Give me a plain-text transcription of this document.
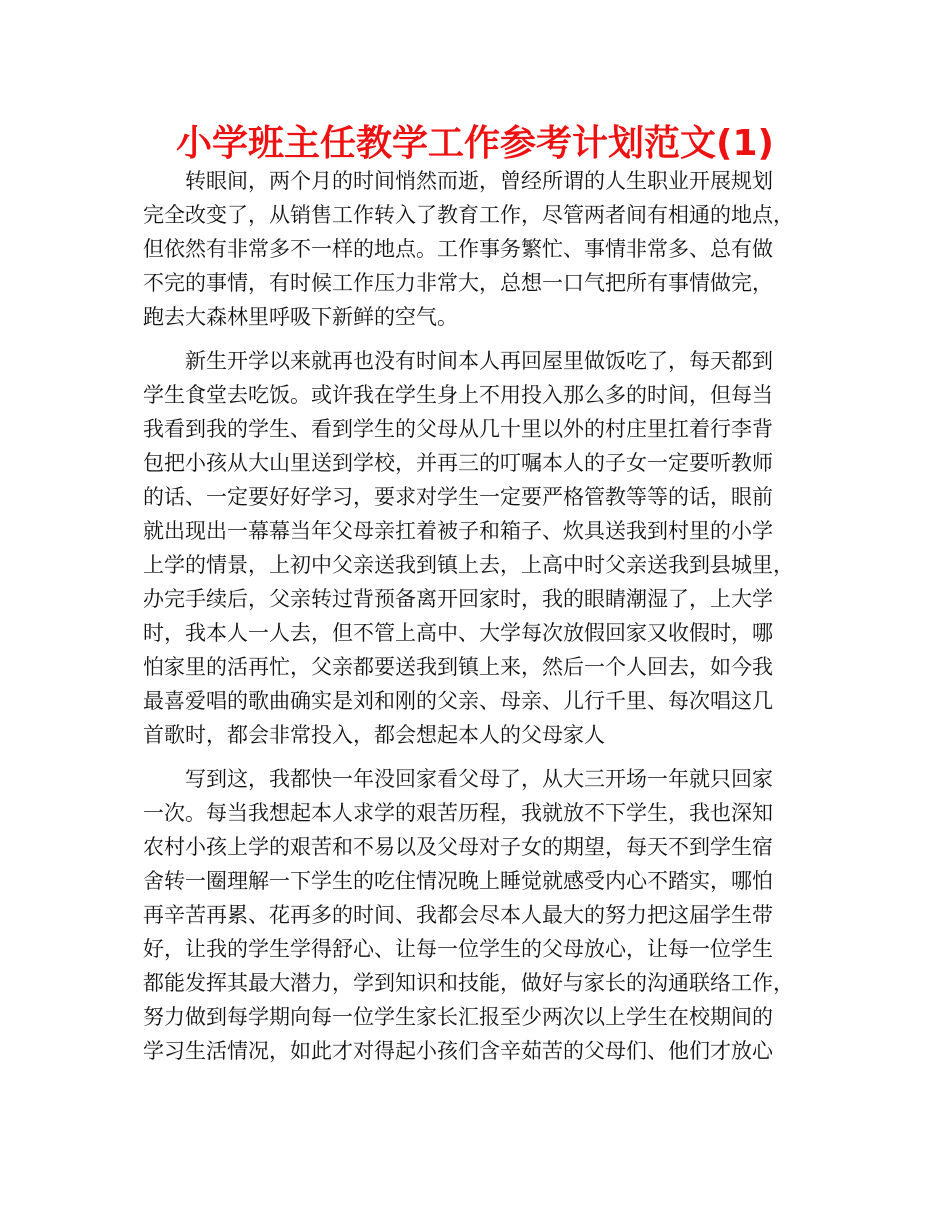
小学班主任教学工作参考计划范文(1)

转眼间，两个月的时间悄然而逝，曾经所谓的人生职业开展规划

完全改变了，从销售工作转入了教育工作，尽管两者间有相通的地点，

但依然有非常多不一样的地点。工作事务繁忙、事情非常多、总有做

不完的事情，有时候工作压力非常大，总想一口气把所有事情做完，

跑去大森林里呼吸下新鲜的空气。

新生开学以来就再也没有时间本人再回屋里做饭吃了，每天都到

学生食堂去吃饭。或许我在学生身上不用投入那么多的时间，但每当

我看到我的学生、看到学生的父母从几十里以外的村庄里扛着行李背

包把小孩从大山里送到学校，并再三的叮嘱本人的子女一定要听教师

的话、一定要好好学习，要求对学生一定要严格管教等等的话，眼前

就出现出一幕幕当年父母亲扛着被子和箱子、炊具送我到村里的小学

上学的情景，上初中父亲送我到镇上去，上高中时父亲送我到县城里，

办完手续后，父亲转过背预备离开回家时，我的眼睛潮湿了，上大学

时，我本人一人去，但不管上高中、大学每次放假回家又收假时，哪

怕家里的活再忙，父亲都要送我到镇上来，然后一个人回去，如今我

最喜爱唱的歌曲确实是刘和刚的父亲、母亲、儿行千里、每次唱这几

首歌时，都会非常投入，都会想起本人的父母家人

写到这，我都快一年没回家看父母了，从大三开场一年就只回家

一次。每当我想起本人求学的艰苦历程，我就放不下学生，我也深知

农村小孩上学的艰苦和不易以及父母对子女的期望，每天不到学生宿

舍转一圈理解一下学生的吃住情况晚上睡觉就感受内心不踏实，哪怕

再辛苦再累、花再多的时间、我都会尽本人最大的努力把这届学生带

好，让我的学生学得舒心、让每一位学生的父母放心，让每一位学生

都能发挥其最大潜力，学到知识和技能，做好与家长的沟通联络工作，

努力做到每学期向每一位学生家长汇报至少两次以上学生在校期间的

学习生活情况，如此才对得起小孩们含辛茹苦的父母们、他们才放心
